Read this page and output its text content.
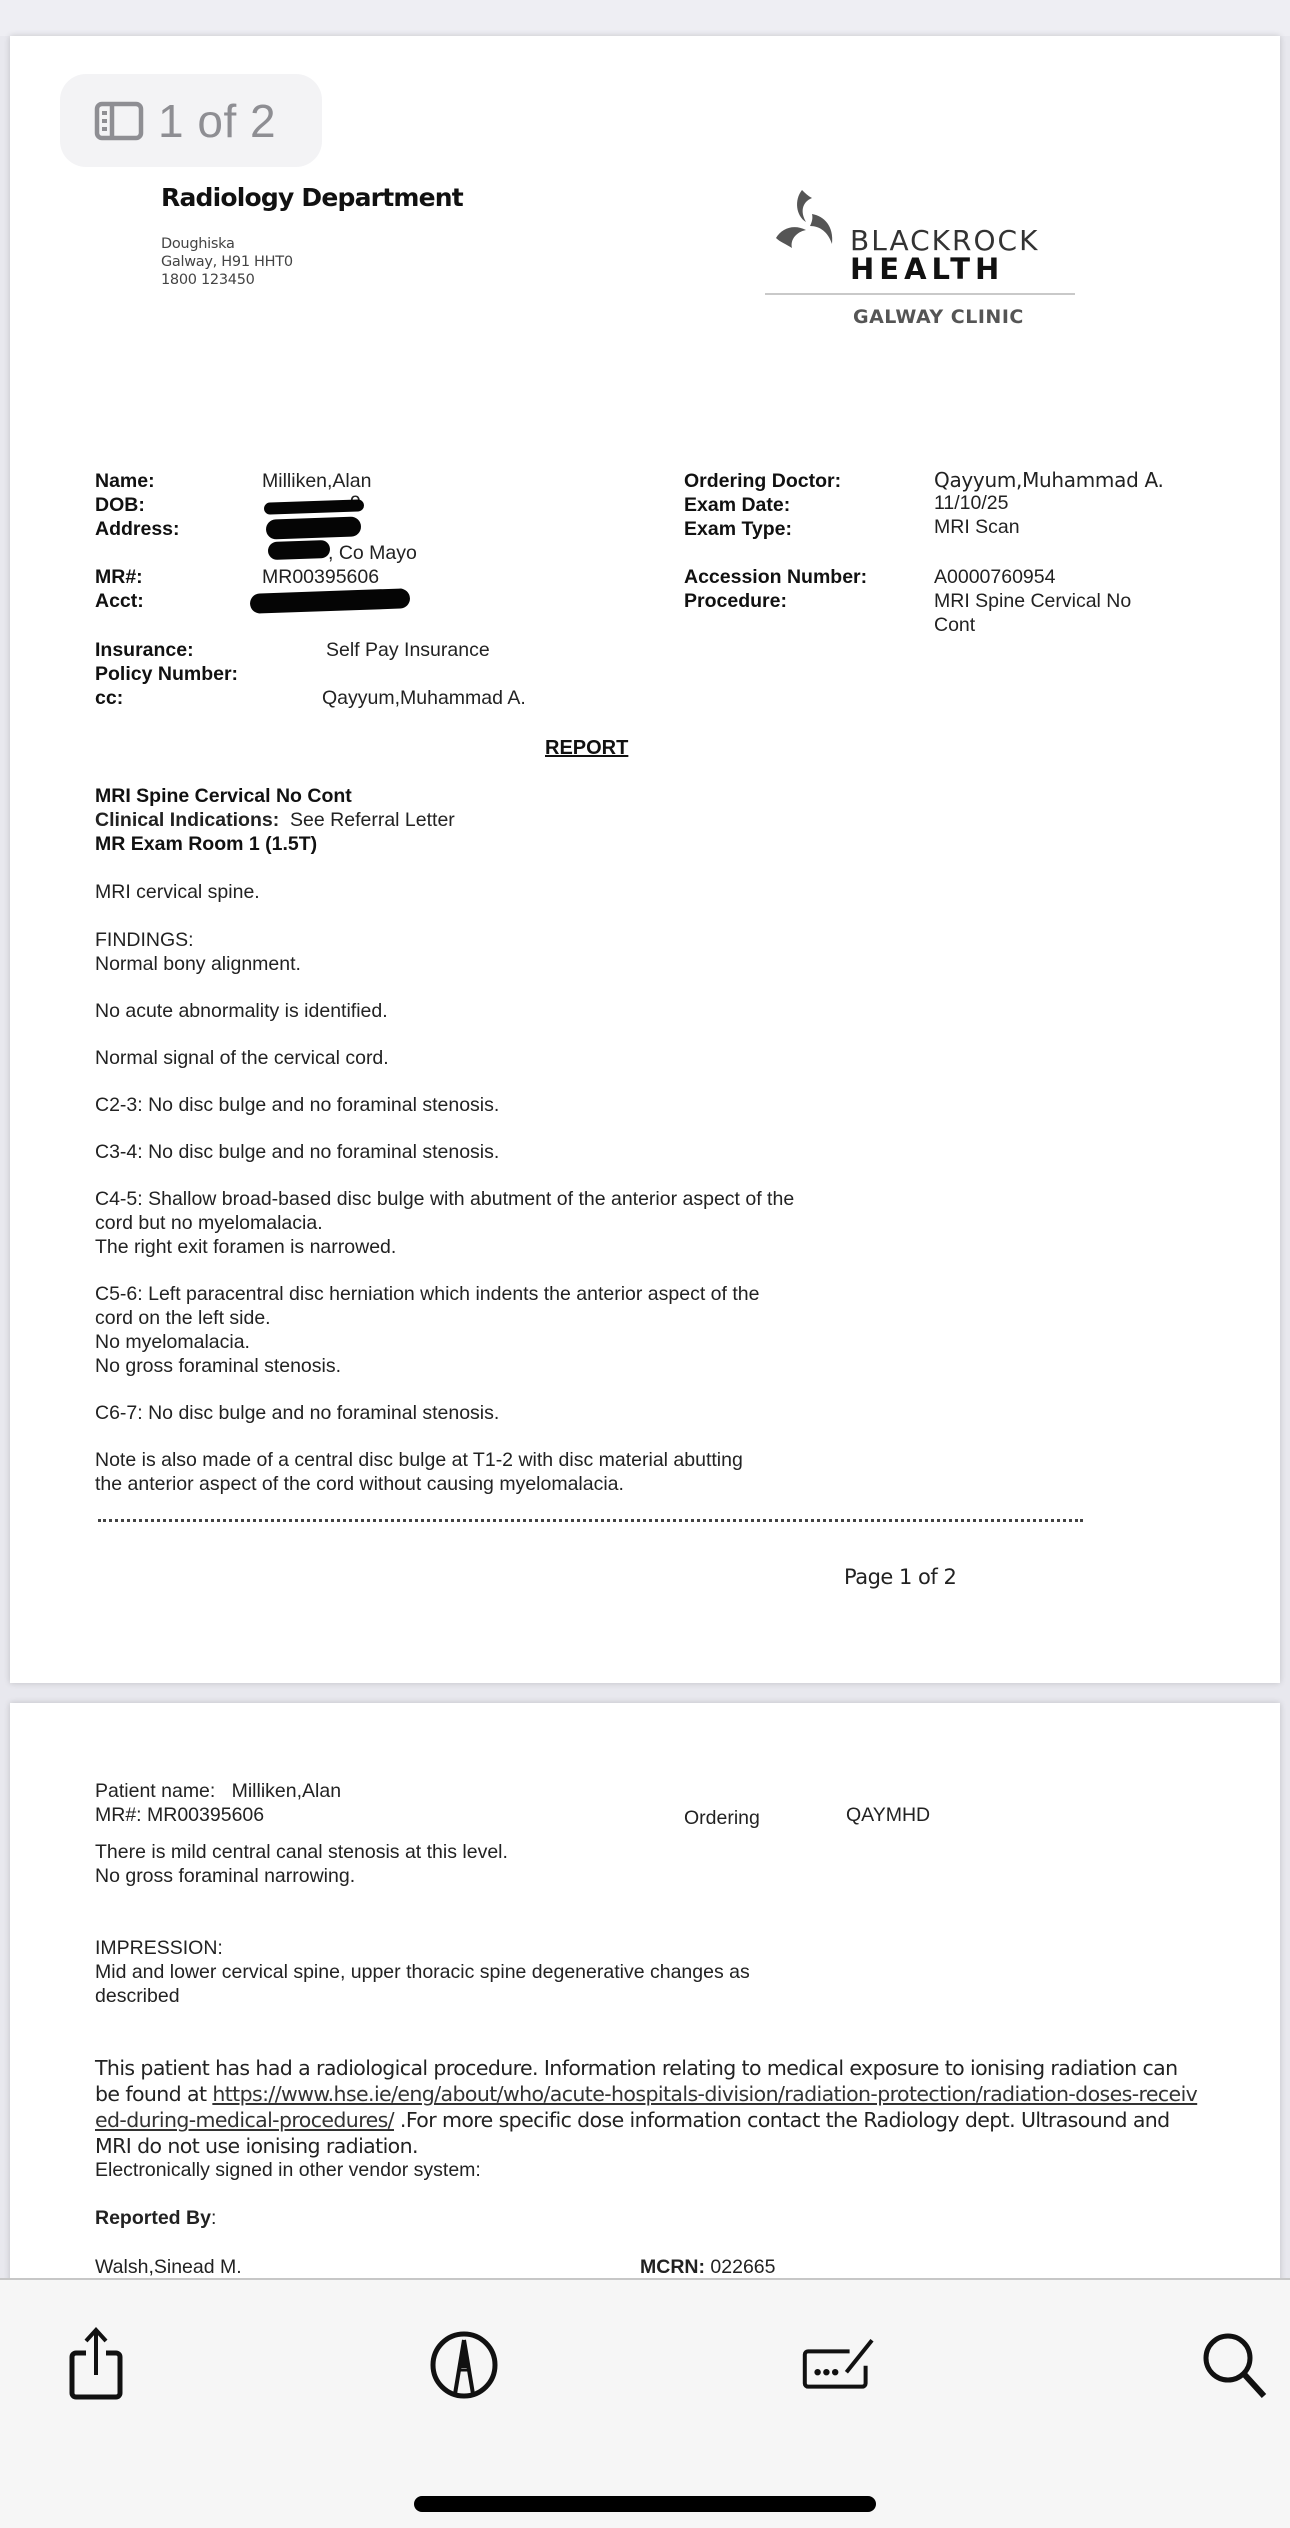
1 of 2
Radiology Department
Doughiska
Galway, H91 HHT0
1800 123450
BLACKROCK
HEALTH
GALWAY CLINIC
Name:	Milliken,Alan
DOB:
Address:
, Co Mayo
MR#:	MR00395606
Acct:
Insurance:	Self Pay Insurance
Policy Number:
cc:	Qayyum,Muhammad A.
Ordering Doctor:	Qayyum,Muhammad A.
Exam Date:	11/10/25
Exam Type:	MRI Scan
Accession Number:	A0000760954
Procedure:	MRI Spine Cervical No
Cont
REPORT
MRI Spine Cervical No Cont
Clinical Indications: See Referral Letter
MR Exam Room 1 (1.5T)
MRI cervical spine.
FINDINGS:
Normal bony alignment.
No acute abnormality is identified.
Normal signal of the cervical cord.
C2-3: No disc bulge and no foraminal stenosis.
C3-4: No disc bulge and no foraminal stenosis.
C4-5: Shallow broad-based disc bulge with abutment of the anterior aspect of the
cord but no myelomalacia.
The right exit foramen is narrowed.
C5-6: Left paracentral disc herniation which indents the anterior aspect of the
cord on the left side.
No myelomalacia.
No gross foraminal stenosis.
C6-7: No disc bulge and no foraminal stenosis.
Note is also made of a central disc bulge at T1-2 with disc material abutting
the anterior aspect of the cord without causing myelomalacia.
Page 1 of 2
Patient name: Milliken,Alan
MR#: MR00395606	Ordering	QAYMHD
There is mild central canal stenosis at this level.
No gross foraminal narrowing.
IMPRESSION:
Mid and lower cervical spine, upper thoracic spine degenerative changes as
described
This patient has had a radiological procedure. Information relating to medical exposure to ionising radiation can be found at https://www.hse.ie/eng/about/who/acute-hospitals-division/radiation-protection/radiation-doses-received-during-medical-procedures/ .For more specific dose information contact the Radiology dept. Ultrasound and MRI do not use ionising radiation.
Electronically signed in other vendor system:
Reported By:
Walsh,Sinead M.	MCRN: 022665
